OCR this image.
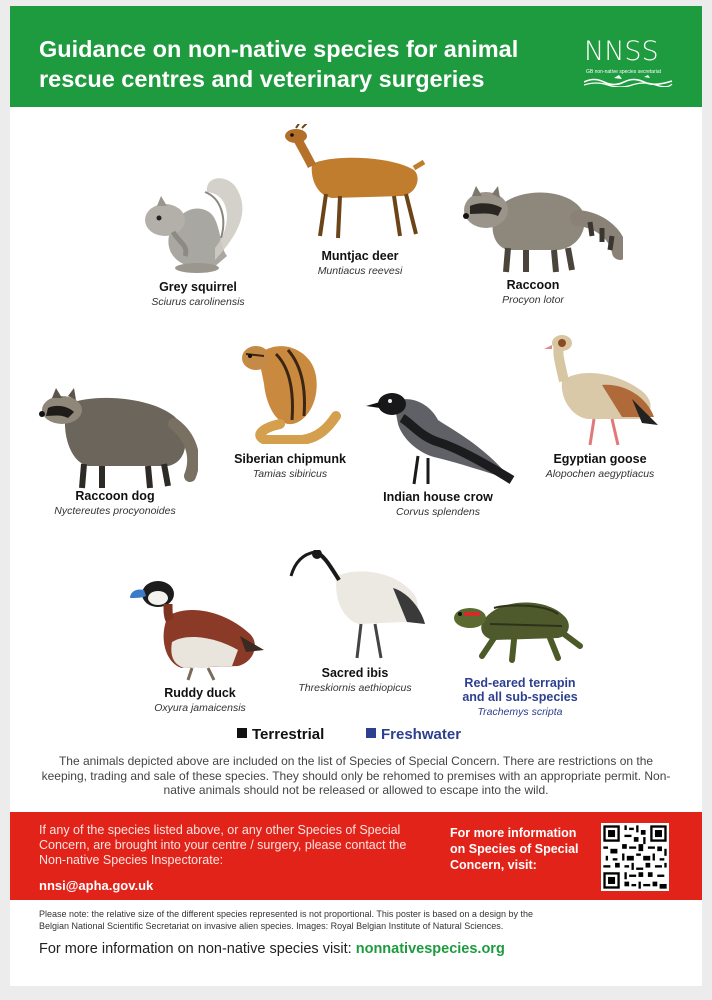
Guidance on non-native species for animal
rescue centres and veterinary surgeries
NNSS
GB non-native species secretariat
Grey squirrel
Sciurus carolinensis
Muntjac deer
Muntiacus reevesi
Raccoon
Procyon lotor
Siberian chipmunk
Tamias sibiricus
Egyptian goose
Alopochen aegyptiacus
Raccoon dog
Nyctereutes procyonoides
Indian house crow
Corvus splendens
Sacred ibis
Threskiornis aethiopicus
Ruddy duck
Oxyura jamaicensis
Red-eared terrapin
and all sub-species
Trachemys scripta
Terrestrial	Freshwater
The animals depicted above are included on the list of Species of Special Concern. There are restrictions on the keeping, trading and sale of these species. They should only be rehomed to premises with an appropriate permit. Non-native animals should not be released or allowed to escape into the wild.
If any of the species listed above, or any other Species of Special Concern, are brought into your centre / surgery, please contact the Non-native Species Inspectorate:
nnsi@apha.gov.uk
For more information on Species of Special Concern, visit:
Please note: the relative size of the different species represented is not proportional. This poster is based on a design by the Belgian National Scientific Secretariat on invasive alien species. Images: Royal Belgian Institute of Natural Sciences.
For more information on non-native species visit: nonnativespecies.org
